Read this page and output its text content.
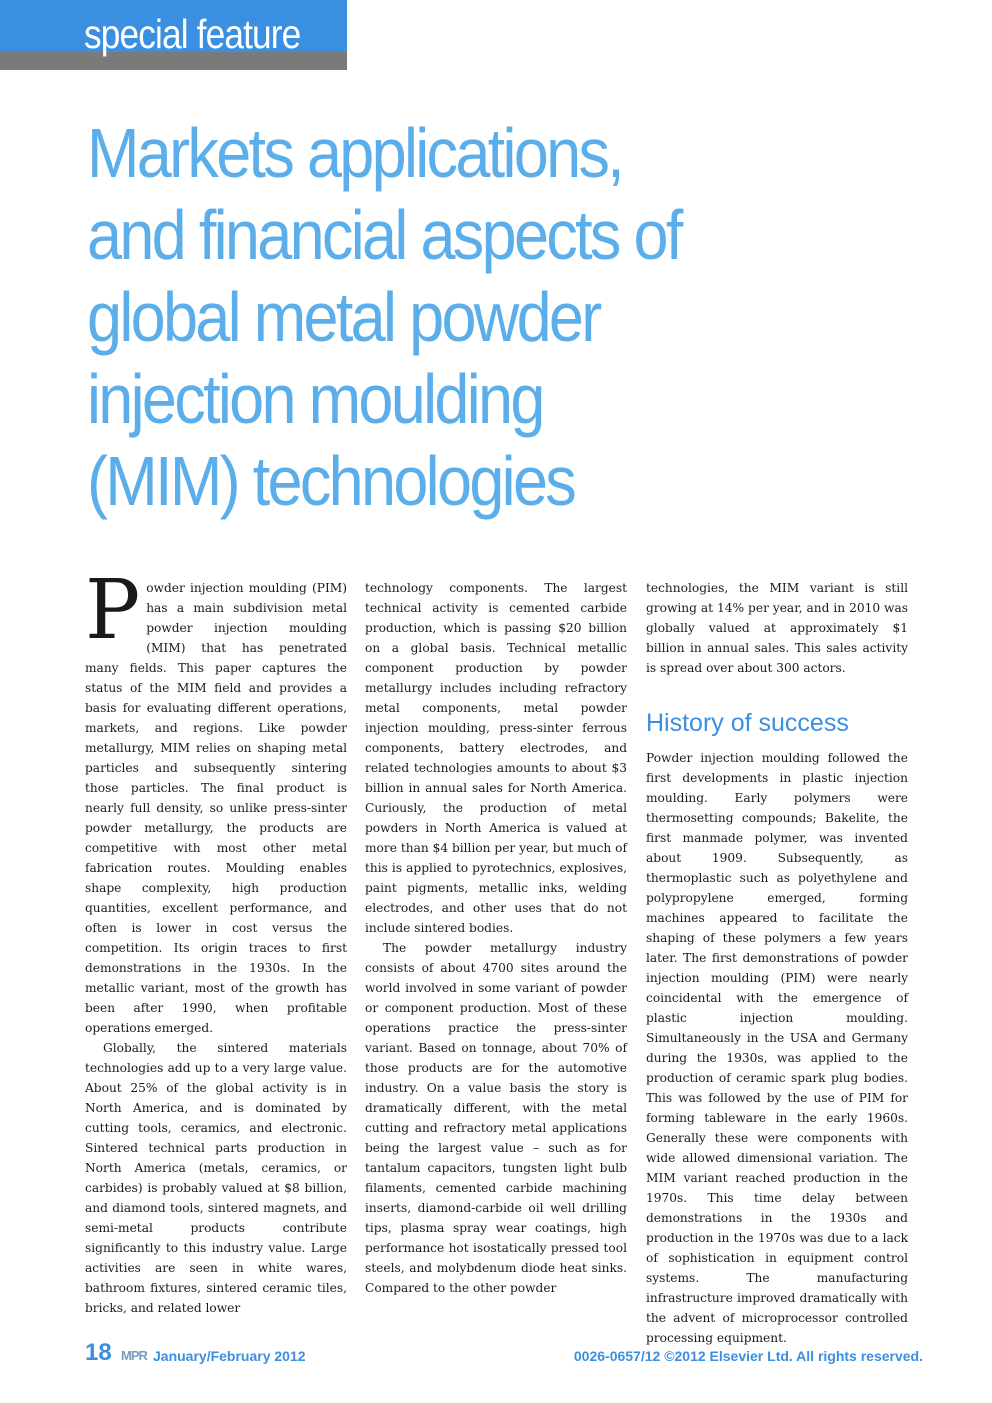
special feature
Markets applications,
and financial aspects of
global metal powder
injection moulding
(MIM) technologies

Powder injection moulding (PIM) has a main subdivision metal powder injection moulding (MIM) that has penetrated many fields. This paper captures the status of the MIM field and provides a basis for evaluating different operations, markets, and regions. Like powder metallurgy, MIM relies on shaping metal particles and subsequently sintering those particles. The final product is nearly full density, so unlike press-sinter powder metallurgy, the products are competitive with most other metal fabrication routes. Moulding enables shape complexity, high production quantities, excellent performance, and often is lower in cost versus the competition. Its origin traces to first demonstrations in the 1930s. In the metallic variant, most of the growth has been after 1990, when profitable operations emerged.

Globally, the sintered materials technologies add up to a very large value. About 25% of the global activity is in North America, and is dominated by cutting tools, ceramics, and electronic. Sintered technical parts production in North America (metals, ceramics, or carbides) is probably valued at $8 billion, and diamond tools, sintered magnets, and semi-metal products contribute significantly to this industry value. Large activities are seen in white wares, bathroom fixtures, sintered ceramic tiles, bricks, and related lower

technology components. The largest technical activity is cemented carbide production, which is passing $20 billion on a global basis. Technical metallic component production by powder metallurgy includes including refractory metal components, metal powder injection moulding, press-sinter ferrous components, battery electrodes, and related technologies amounts to about $3 billion in annual sales for North America. Curiously, the production of metal powders in North America is valued at more than $4 billion per year, but much of this is applied to pyrotechnics, explosives, paint pigments, metallic inks, welding electrodes, and other uses that do not include sintered bodies.

The powder metallurgy industry consists of about 4700 sites around the world involved in some variant of powder or component production. Most of these operations practice the press-sinter variant. Based on tonnage, about 70% of those products are for the automotive industry. On a value basis the story is dramatically different, with the metal cutting and refractory metal applications being the largest value – such as for tantalum capacitors, tungsten light bulb filaments, cemented carbide machining inserts, diamond-carbide oil well drilling tips, plasma spray wear coatings, high performance hot isostatically pressed tool steels, and molybdenum diode heat sinks. Compared to the other powder

technologies, the MIM variant is still growing at 14% per year, and in 2010 was globally valued at approximately $1 billion in annual sales. This sales activity is spread over about 300 actors.

History of success

Powder injection moulding followed the first developments in plastic injection moulding. Early polymers were thermosetting compounds; Bakelite, the first manmade polymer, was invented about 1909. Subsequently, as thermoplastic such as polyethylene and polypropylene emerged, forming machines appeared to facilitate the shaping of these polymers a few years later. The first demonstrations of powder injection moulding (PIM) were nearly coincidental with the emergence of plastic injection moulding. Simultaneously in the USA and Germany during the 1930s, was applied to the production of ceramic spark plug bodies. This was followed by the use of PIM for forming tableware in the early 1960s. Generally these were components with wide allowed dimensional variation. The MIM variant reached production in the 1970s. This time delay between demonstrations in the 1930s and production in the 1970s was due to a lack of sophistication in equipment control systems. The manufacturing infrastructure improved dramatically with the advent of microprocessor controlled processing equipment.

18 MPR January/February 2012	0026-0657/12 ©2012 Elsevier Ltd. All rights reserved.
